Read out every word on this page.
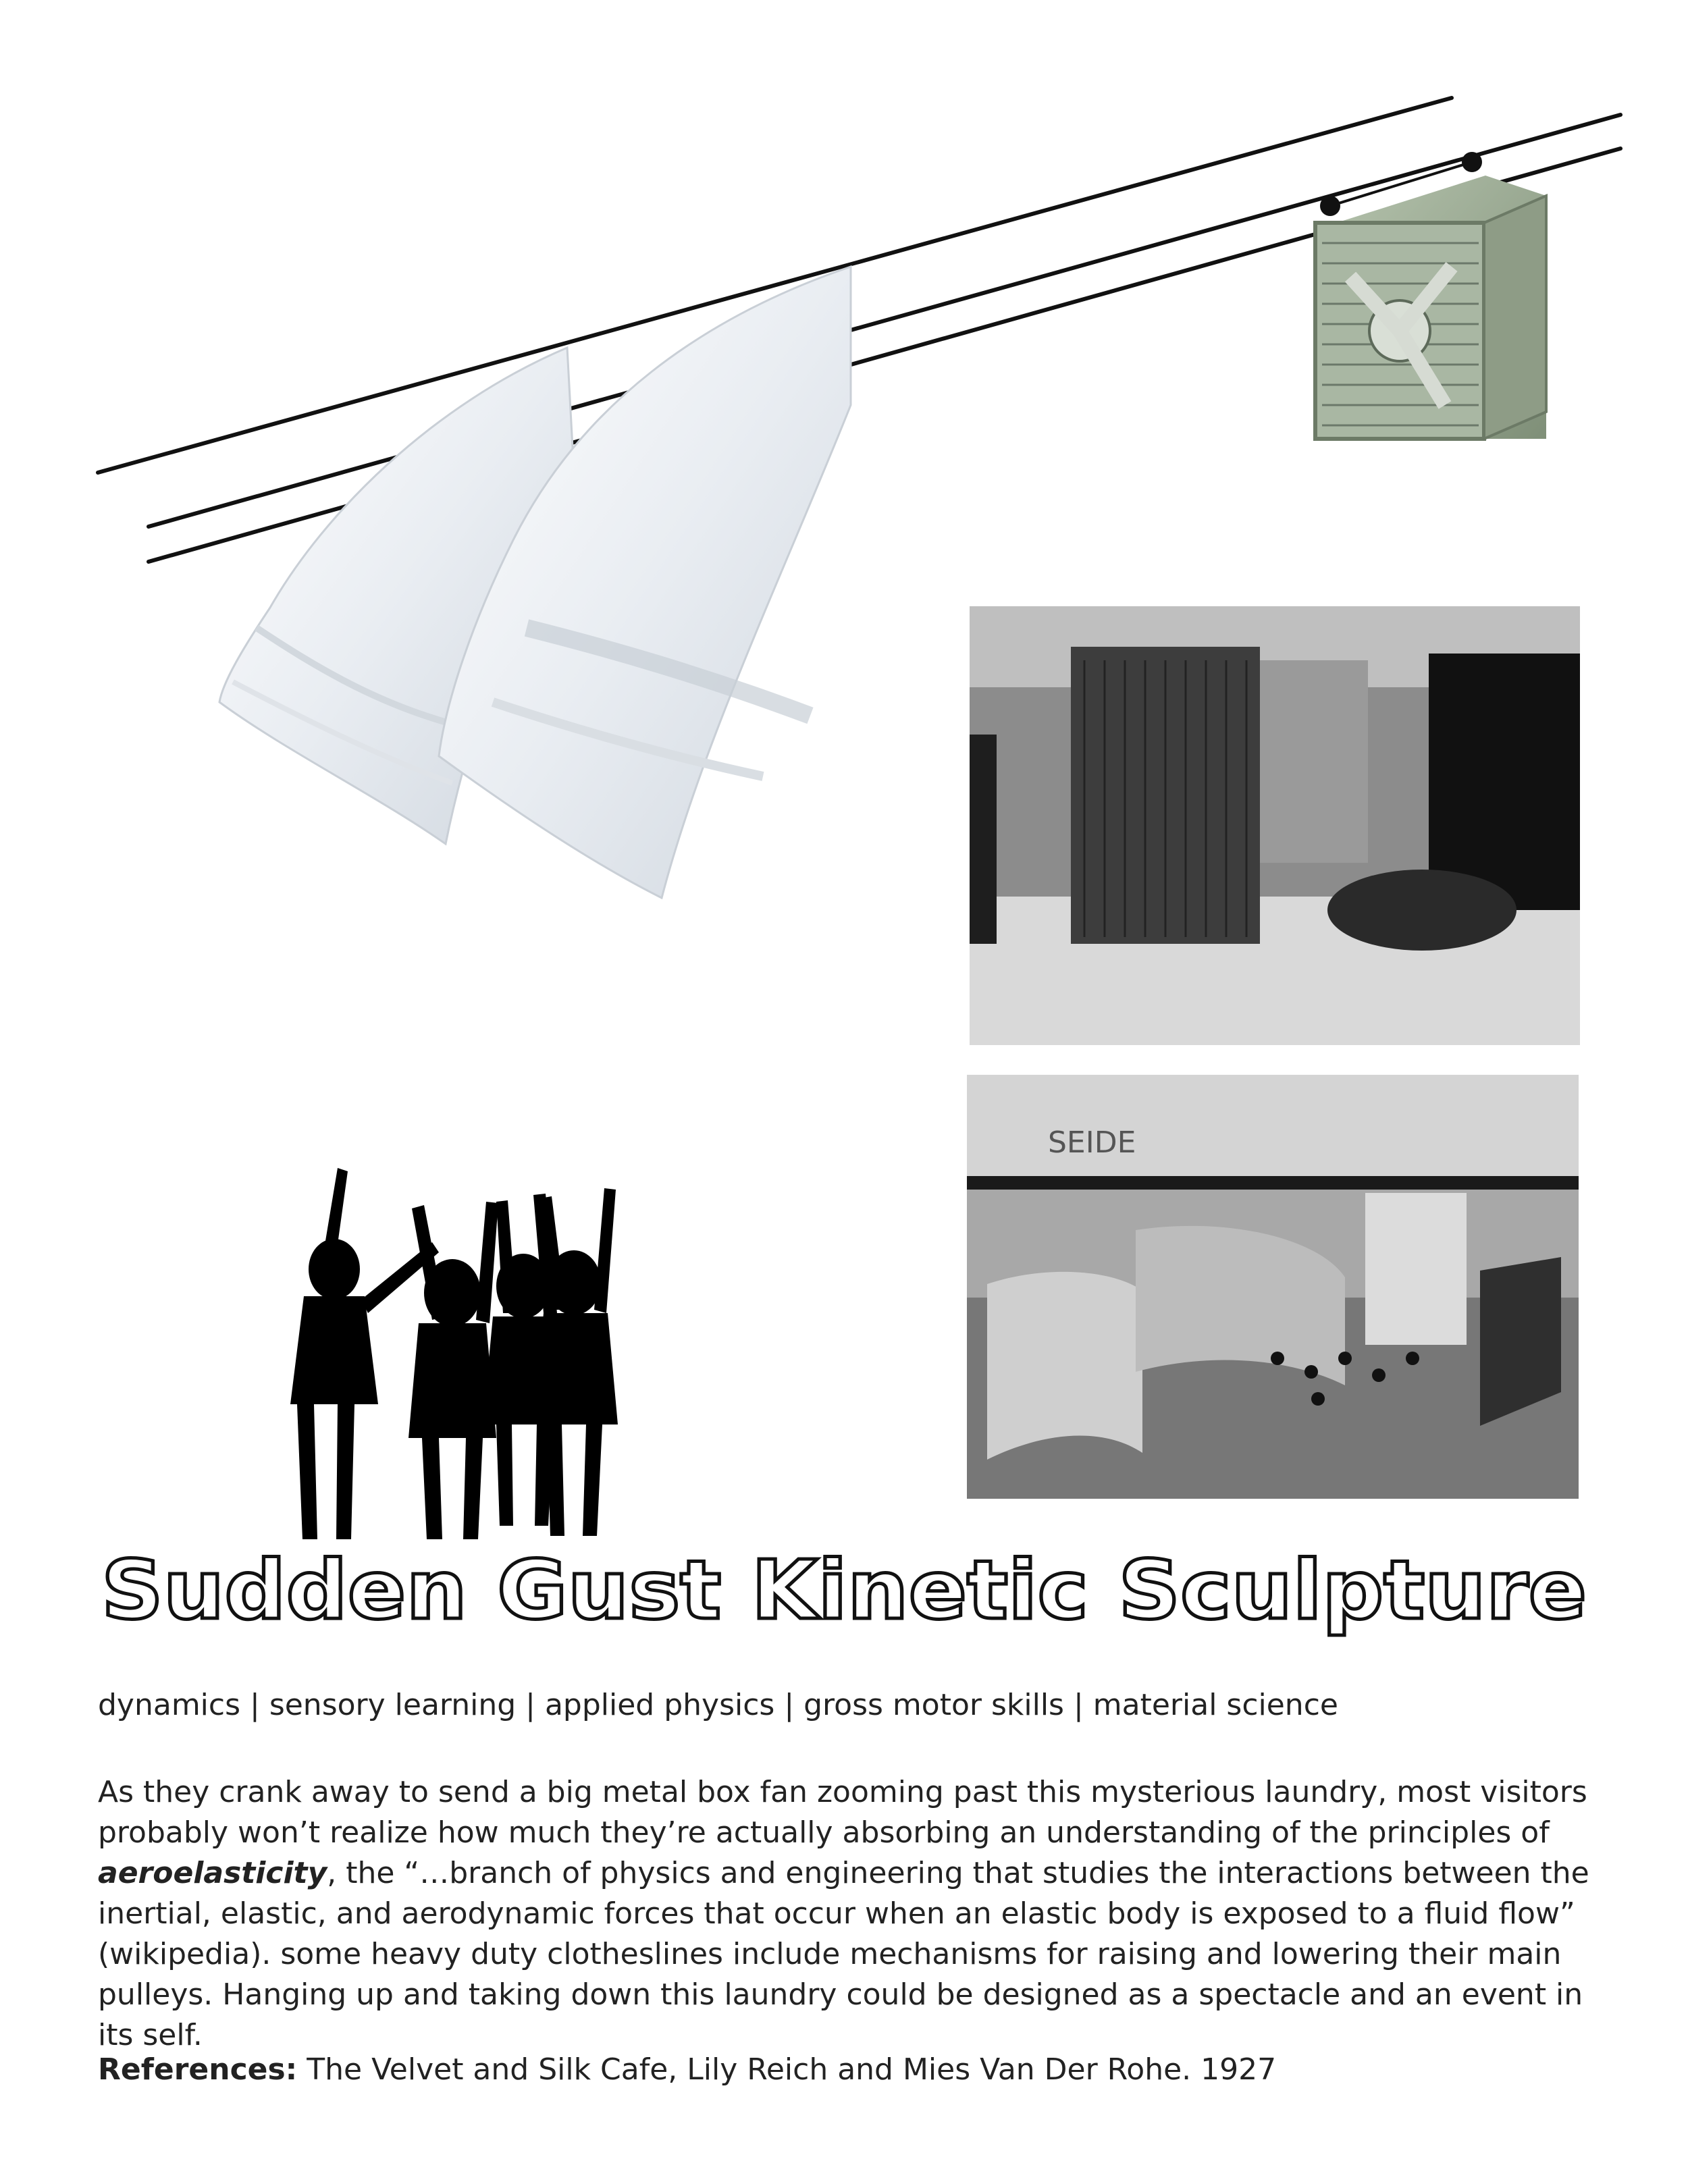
SEIDE
Sudden Gust Kinetic Sculpture
dynamics | sensory learning | applied physics | gross motor skills | material science

As they crank away to send a big metal box fan zooming past this mysterious laundry, most visitors probably won’t realize how much they’re actually absorbing an understanding of the principles of aeroelasticity, the “…branch of physics and engineering that studies the interactions between the inertial, elastic, and aerodynamic forces that occur when an elastic body is exposed to a fluid flow” (wikipedia). some heavy duty clotheslines include mechanisms for raising and lowering their main pulleys. Hanging up and taking down this laundry could be designed as a spectacle and an event in its self.

References: The Velvet and Silk Cafe, Lily Reich and Mies Van Der Rohe. 1927
